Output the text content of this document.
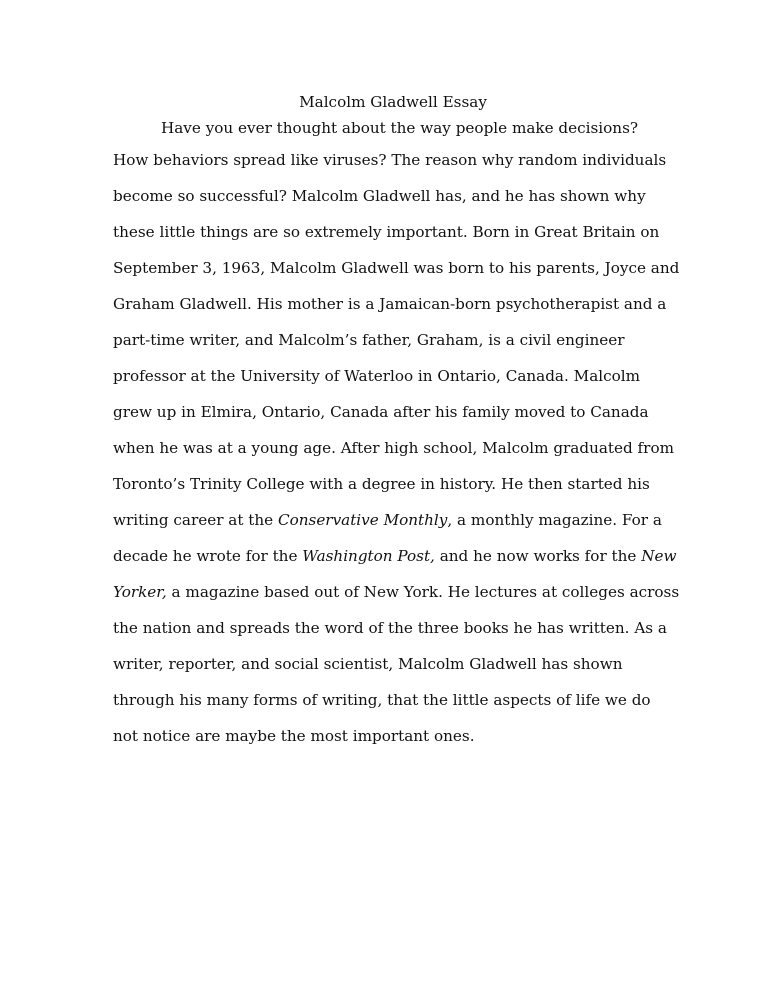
Malcolm Gladwell Essay

Have you ever thought about the way people make decisions?
How behaviors spread like viruses? The reason why random individuals
become so successful? Malcolm Gladwell has, and he has shown why
these little things are so extremely important. Born in Great Britain on
September 3, 1963, Malcolm Gladwell was born to his parents, Joyce and
Graham Gladwell. His mother is a Jamaican-born psychotherapist and a
part-time writer, and Malcolm’s father, Graham, is a civil engineer
professor at the University of Waterloo in Ontario, Canada. Malcolm
grew up in Elmira, Ontario, Canada after his family moved to Canada
when he was at a young age. After high school, Malcolm graduated from
Toronto’s Trinity College with a degree in history. He then started his
writing career at the Conservative Monthly, a monthly magazine. For a
decade he wrote for the Washington Post, and he now works for the New
Yorker, a magazine based out of New York. He lectures at colleges across
the nation and spreads the word of the three books he has written. As a
writer, reporter, and social scientist, Malcolm Gladwell has shown
through his many forms of writing, that the little aspects of life we do
not notice are maybe the most important ones.
